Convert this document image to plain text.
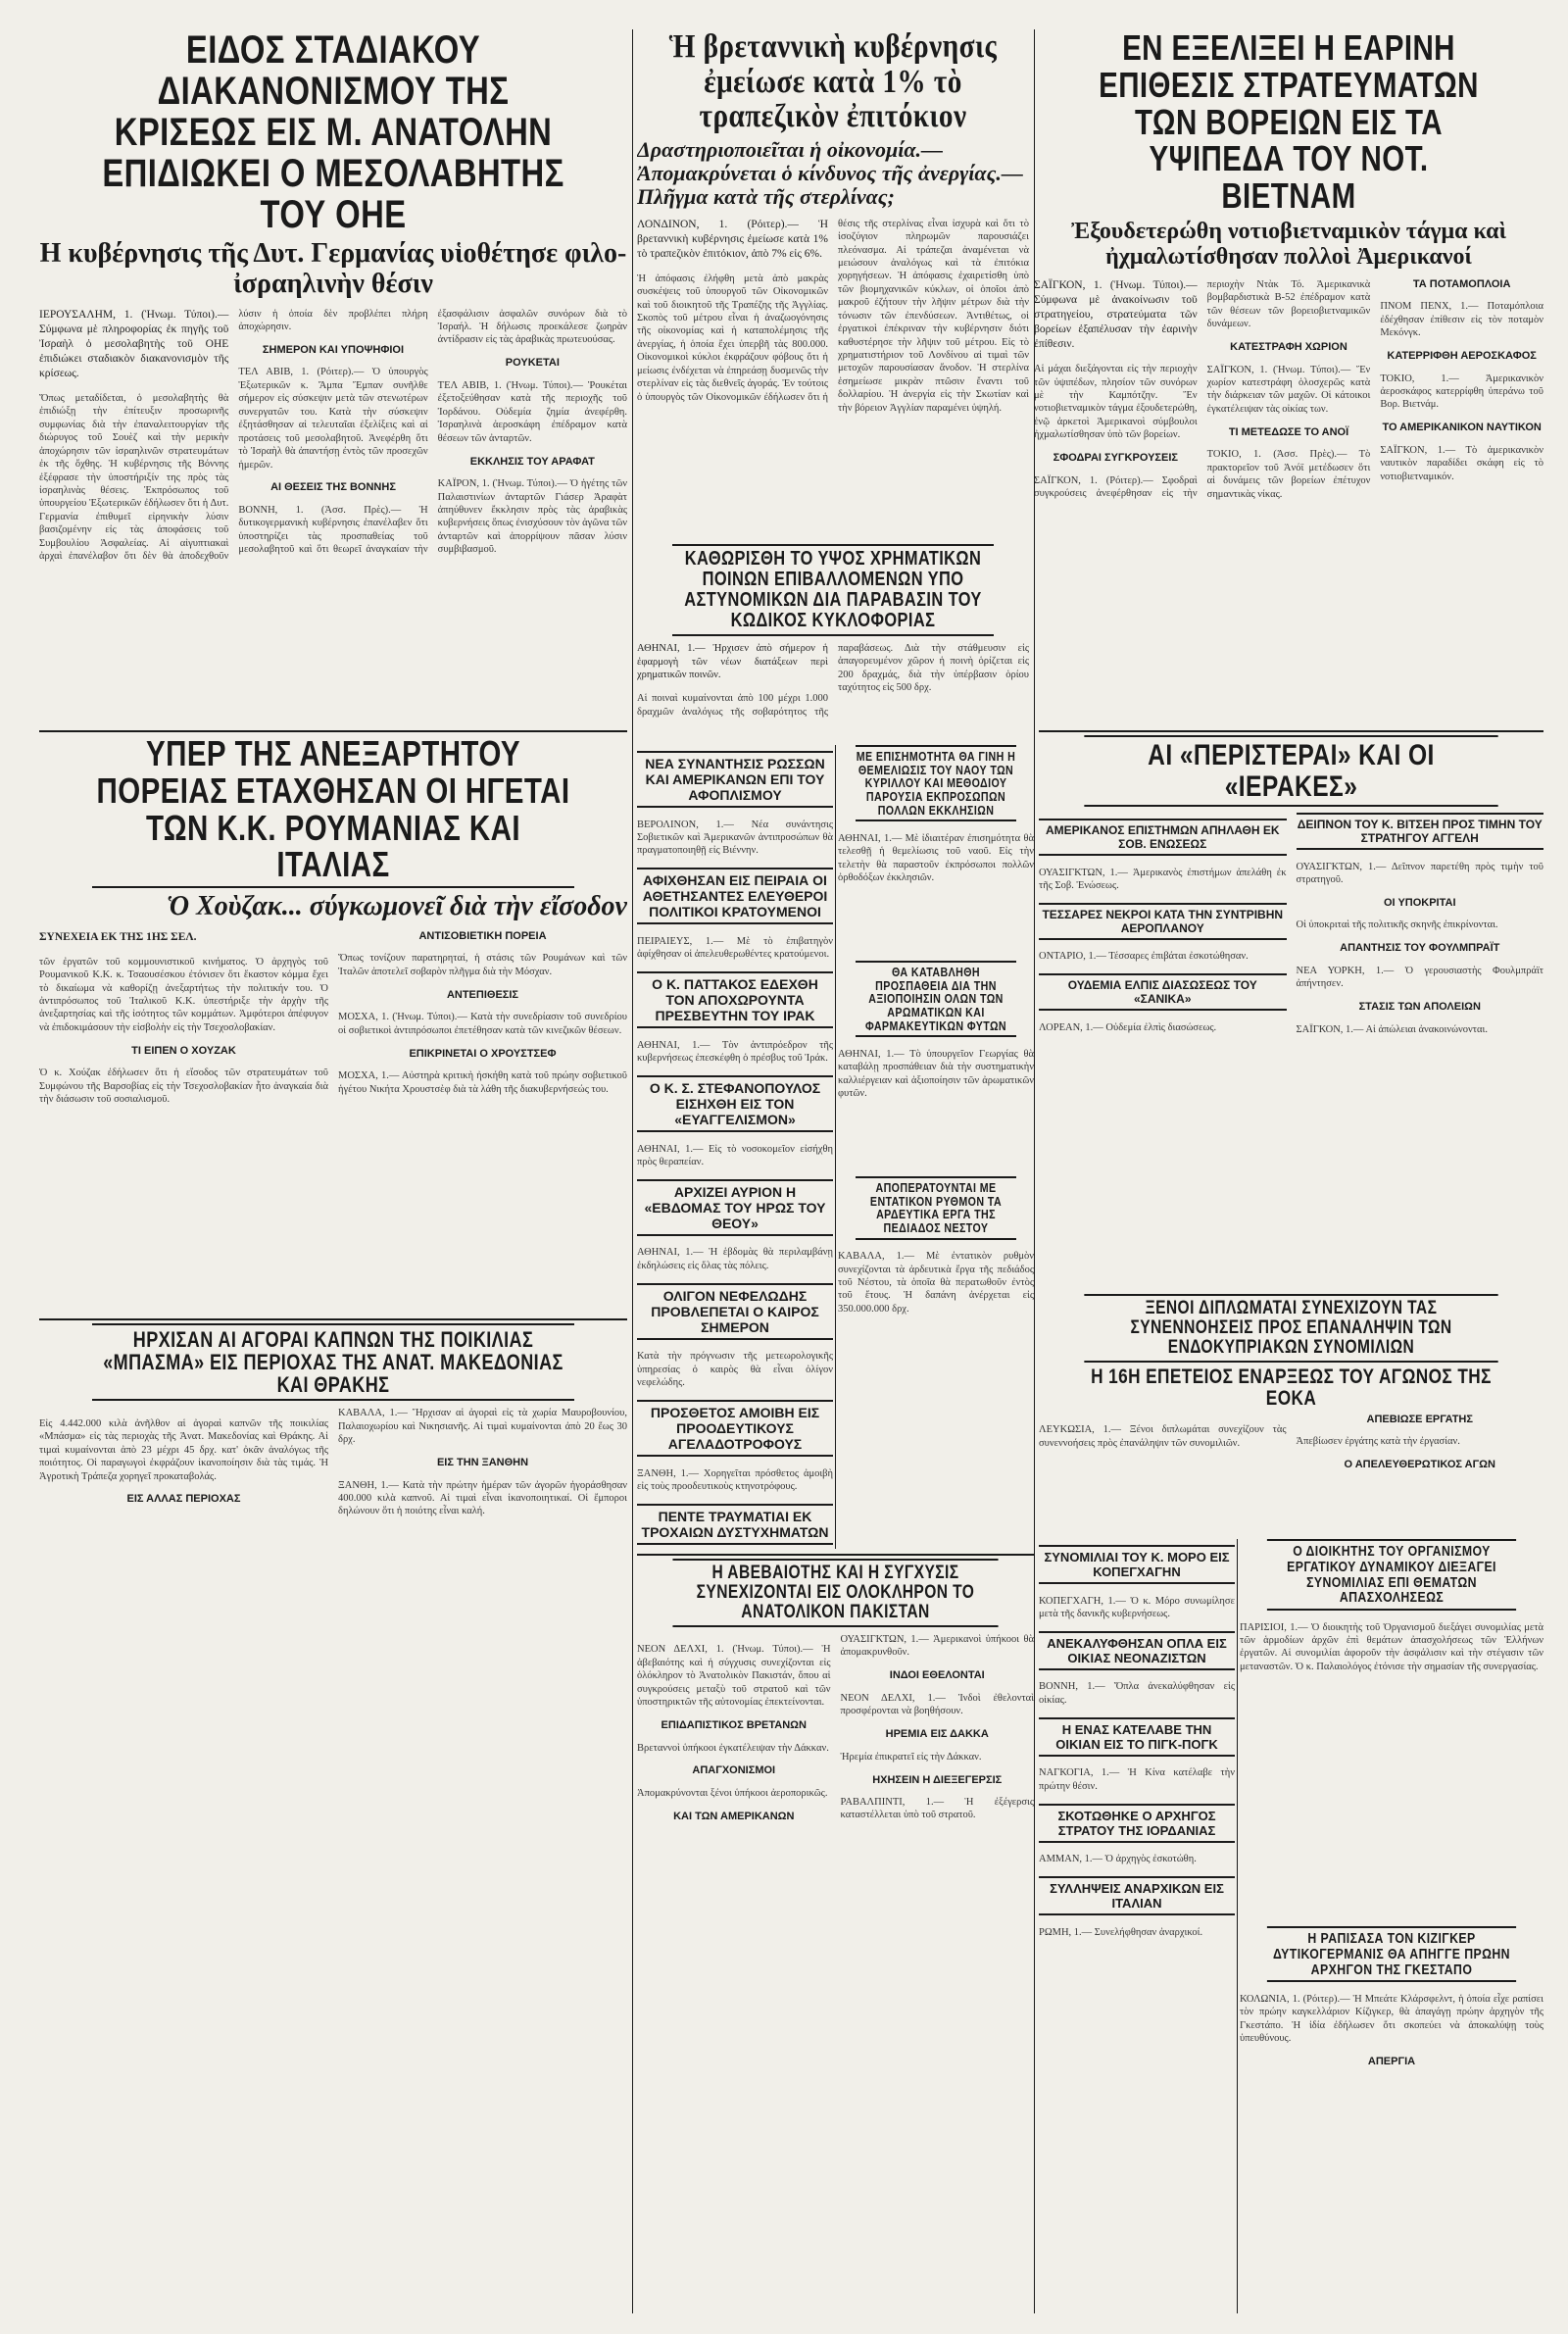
ΕΙΔΟΣ ΣΤΑΔΙΑΚΟΥ ΔΙΑΚΑΝΟΝΙΣΜΟΥ ΤΗΣ ΚΡΙΣΕΩΣ ΕΙΣ Μ. ΑΝΑΤΟΛΗΝ ΕΠΙΔΙΩΚΕΙ Ο ΜΕΣΟΛΑΒΗΤΗΣ ΤΟΥ ΟΗΕ
Η κυβέρνησις τῆς Δυτ. Γερμανίας υἱοθέτησε φιλο-ἰσραηλινὴν θέσιν

ΙΕΡΟΥΣΑΛΗΜ, 1. (Ἡνωμ. Τύποι).— Σύμφωνα μὲ πληροφορίας ἐκ πηγῆς τοῦ Ἰσραὴλ ὁ μεσολαβητὴς τοῦ ΟΗΕ ἐπιδιώκει σταδιακὸν διακανονισμὸν τῆς κρίσεως.

Ὅπως μεταδίδεται, ὁ μεσολαβητὴς θὰ ἐπιδιώξῃ τὴν ἐπίτευξιν προσωρινῆς συμφωνίας διὰ τὴν ἐπαναλειτουργίαν τῆς διώρυγος τοῦ Σουὲζ καὶ τὴν μερικὴν ἀποχώρησιν τῶν ἰσραηλινῶν στρατευμάτων ἐκ τῆς ὄχθης. Ἡ κυβέρνησις τῆς Βόννης ἐξέφρασε τὴν ὑποστήριξίν της πρὸς τὰς ἰσραηλινὰς θέσεις. Ἐκπρόσωπος τοῦ ὑπουργείου Ἐξωτερικῶν ἐδήλωσεν ὅτι ἡ Δυτ. Γερμανία ἐπιθυμεῖ εἰρηνικὴν λύσιν βασιζομένην εἰς τὰς ἀποφάσεις τοῦ Συμβουλίου Ἀσφαλείας. Αἱ αἰγυπτιακαὶ ἀρχαὶ ἐπανέλαβον ὅτι δὲν θὰ ἀποδεχθοῦν λύσιν ἡ ὁποία δὲν προβλέπει πλήρη ἀποχώρησιν.

ΣΗΜΕΡΟΝ ΚΑΙ ΥΠΟΨΗΦΙΟΙ

ΤΕΛ ΑΒΙΒ, 1. (Ρόιτερ).— Ὁ ὑπουργὸς Ἐξωτερικῶν κ. Ἄμπα Ἔμπαν συνῆλθε σήμερον εἰς σύσκεψιν μετὰ τῶν στενωτέρων συνεργατῶν του. Κατὰ τὴν σύσκεψιν ἐξητάσθησαν αἱ τελευταῖαι ἐξελίξεις καὶ αἱ προτάσεις τοῦ μεσολαβητοῦ. Ἀνεφέρθη ὅτι τὸ Ἰσραὴλ θὰ ἀπαντήσῃ ἐντὸς τῶν προσεχῶν ἡμερῶν.

ΑΙ ΘΕΣΕΙΣ ΤΗΣ ΒΟΝΝΗΣ

ΒΟΝΝΗ, 1. (Ἀσσ. Πρὲς).— Ἡ δυτικογερμανικὴ κυβέρνησις ἐπανέλαβεν ὅτι ὑποστηρίζει τὰς προσπαθείας τοῦ μεσολαβητοῦ καὶ ὅτι θεωρεῖ ἀναγκαίαν τὴν ἐξασφάλισιν ἀσφαλῶν συνόρων διὰ τὸ Ἰσραήλ. Ἡ δήλωσις προεκάλεσε ζωηρὰν ἀντίδρασιν εἰς τὰς ἀραβικὰς πρωτευούσας.

ΡΟΥΚΕΤΑΙ

ΤΕΛ ΑΒΙΒ, 1. (Ἡνωμ. Τύποι).— Ῥουκέται ἐξετοξεύθησαν κατὰ τῆς περιοχῆς τοῦ Ἰορδάνου. Οὐδεμία ζημία ἀνεφέρθη. Ἰσραηλινὰ ἀεροσκάφη ἐπέδραμον κατὰ θέσεων τῶν ἀνταρτῶν.

ΕΚΚΛΗΣΙΣ ΤΟΥ ΑΡΑΦΑΤ

ΚΑΪΡΟΝ, 1. (Ἡνωμ. Τύποι).— Ὁ ἡγέτης τῶν Παλαιστινίων ἀνταρτῶν Γιάσερ Ἀραφὰτ ἀπηύθυνεν ἔκκλησιν πρὸς τὰς ἀραβικὰς κυβερνήσεις ὅπως ἐνισχύσουν τὸν ἀγῶνα τῶν ἀνταρτῶν καὶ ἀπορρίψουν πᾶσαν λύσιν συμβιβασμοῦ.

Ἡ βρεταννικὴ κυβέρνησις ἐμείωσε κατὰ 1% τὸ τραπεζικὸν ἐπιτόκιον
Δραστηριοποιεῖται ἡ οἰκονομία.— Ἀπομακρύνεται ὁ κίνδυνος τῆς ἀνεργίας.— Πλῆγμα κατὰ τῆς στερλίνας;

ΛΟΝΔΙΝΟΝ, 1. (Ρόιτερ).— Ἡ βρεταννικὴ κυβέρνησις ἐμείωσε κατὰ 1% τὸ τραπεζικὸν ἐπιτόκιον, ἀπὸ 7% εἰς 6%.

Ἡ ἀπόφασις ἐλήφθη μετὰ ἀπὸ μακρὰς συσκέψεις τοῦ ὑπουργοῦ τῶν Οἰκονομικῶν καὶ τοῦ διοικητοῦ τῆς Τραπέζης τῆς Ἀγγλίας. Σκοπὸς τοῦ μέτρου εἶναι ἡ ἀναζωογόνησις τῆς οἰκονομίας καὶ ἡ καταπολέμησις τῆς ἀνεργίας, ἡ ὁποία ἔχει ὑπερβῆ τὰς 800.000. Οἰκονομικοὶ κύκλοι ἐκφράζουν φόβους ὅτι ἡ μείωσις ἐνδέχεται νὰ ἐπηρεάσῃ δυσμενῶς τὴν στερλίναν εἰς τὰς διεθνεῖς ἀγοράς. Ἐν τούτοις ὁ ὑπουργὸς τῶν Οἰκονομικῶν ἐδήλωσεν ὅτι ἡ θέσις τῆς στερλίνας εἶναι ἰσχυρὰ καὶ ὅτι τὸ ἰσοζύγιον πληρωμῶν παρουσιάζει πλεόνασμα. Αἱ τράπεζαι ἀναμένεται νὰ μειώσουν ἀναλόγως καὶ τὰ ἐπιτόκια χορηγήσεων. Ἡ ἀπόφασις ἐχαιρετίσθη ὑπὸ τῶν βιομηχανικῶν κύκλων, οἱ ὁποῖοι ἀπὸ μακροῦ ἐζήτουν τὴν λῆψιν μέτρων διὰ τὴν τόνωσιν τῶν ἐπενδύσεων. Ἀντιθέτως, οἱ ἐργατικοὶ ἐπέκριναν τὴν κυβέρνησιν διότι καθυστέρησε τὴν λῆψιν τοῦ μέτρου. Εἰς τὸ χρηματιστήριον τοῦ Λονδίνου αἱ τιμαὶ τῶν μετοχῶν παρουσίασαν ἄνοδον. Ἡ στερλίνα ἐσημείωσε μικρὰν πτῶσιν ἔναντι τοῦ δολλαρίου. Ἡ ἀνεργία εἰς τὴν Σκωτίαν καὶ τὴν βόρειον Ἀγγλίαν παραμένει ὑψηλή.

ΕΝ ΕΞΕΛΙΞΕΙ Η ΕΑΡΙΝΗ ΕΠΙΘΕΣΙΣ ΣΤΡΑΤΕΥΜΑΤΩΝ ΤΩΝ ΒΟΡΕΙΩΝ ΕΙΣ ΤΑ ΥΨΙΠΕΔΑ ΤΟΥ ΝΟΤ. ΒΙΕΤΝΑΜ
Ἐξουδετερώθη νοτιοβιετναμικὸν τάγμα καὶ ἠχμαλωτίσθησαν πολλοὶ Ἀμερικανοί

ΣΑΪΓΚΟΝ, 1. (Ἡνωμ. Τύποι).— Σύμφωνα μὲ ἀνακοίνωσιν τοῦ στρατηγείου, στρατεύματα τῶν βορείων ἐξαπέλυσαν τὴν ἐαρινὴν ἐπίθεσιν.

Αἱ μάχαι διεξάγονται εἰς τὴν περιοχὴν τῶν ὑψιπέδων, πλησίον τῶν συνόρων μὲ τὴν Καμπότζην. Ἕν νοτιοβιετναμικὸν τάγμα ἐξουδετερώθη, ἐνῷ ἀρκετοὶ Ἀμερικανοὶ σύμβουλοι ἠχμαλωτίσθησαν ὑπὸ τῶν βορείων.

ΣΦΟΔΡΑΙ ΣΥΓΚΡΟΥΣΕΙΣ

ΣΑΪΓΚΟΝ, 1. (Ρόιτερ).— Σφοδραὶ συγκρούσεις ἀνεφέρθησαν εἰς τὴν περιοχὴν Ντὰκ Τό. Ἀμερικανικὰ βομβαρδιστικὰ Β-52 ἐπέδραμον κατὰ τῶν θέσεων τῶν βορειοβιετναμικῶν δυνάμεων.

ΚΑΤΕΣΤΡΑΦΗ ΧΩΡΙΟΝ

ΣΑΪΓΚΟΝ, 1. (Ἡνωμ. Τύποι).— Ἕν χωρίον κατεστράφη ὁλοσχερῶς κατὰ τὴν διάρκειαν τῶν μαχῶν. Οἱ κάτοικοι ἐγκατέλειψαν τὰς οἰκίας των.

ΤΙ ΜΕΤΕΔΩΣΕ ΤΟ ΑΝΟΪ

ΤΟΚΙΟ, 1. (Ἀσσ. Πρὲς).— Τὸ πρακτορεῖον τοῦ Ἀνόϊ μετέδωσεν ὅτι αἱ δυνάμεις τῶν βορείων ἐπέτυχον σημαντικὰς νίκας.

ΤΑ ΠΟΤΑΜΟΠΛΟΙΑ

ΠΝΟΜ ΠΕΝΧ, 1.— Ποταμόπλοια ἐδέχθησαν ἐπίθεσιν εἰς τὸν ποταμὸν Μεκόνγκ.

ΚΑΤΕΡΡΙΦΘΗ ΑΕΡΟΣΚΑΦΟΣ

ΤΟΚΙΟ, 1.— Ἀμερικανικὸν ἀεροσκάφος κατερρίφθη ὑπεράνω τοῦ Βορ. Βιετνάμ.

ΤΟ ΑΜΕΡΙΚΑΝΙΚΟΝ ΝΑΥΤΙΚΟΝ

ΣΑΪΓΚΟΝ, 1.— Τὸ ἀμερικανικὸν ναυτικὸν παραδίδει σκάφη εἰς τὸ νοτιοβιετναμικόν.

ΚΑΘΩΡΙΣΘΗ ΤΟ ΥΨΟΣ ΧΡΗΜΑΤΙΚΩΝ ΠΟΙΝΩΝ ΕΠΙΒΑΛΛΟΜΕΝΩΝ ΥΠΟ ΑΣΤΥΝΟΜΙΚΩΝ ΔΙΑ ΠΑΡΑΒΑΣΙΝ ΤΟΥ ΚΩΔΙΚΟΣ ΚΥΚΛΟΦΟΡΙΑΣ

ΑΘΗΝΑΙ, 1.— Ἠρχισεν ἀπὸ σήμερον ἡ ἐφαρμογὴ τῶν νέων διατάξεων περὶ χρηματικῶν ποινῶν.

Αἱ ποιναὶ κυμαίνονται ἀπὸ 100 μέχρι 1.000 δραχμῶν ἀναλόγως τῆς σοβαρότητος τῆς παραβάσεως. Διὰ τὴν στάθμευσιν εἰς ἀπαγορευμένον χῶρον ἡ ποινὴ ὁρίζεται εἰς 200 δραχμάς, διὰ τὴν ὑπέρβασιν ὁρίου ταχύτητος εἰς 500 δρχ.

ΥΠΕΡ ΤΗΣ ΑΝΕΞΑΡΤΗΤΟΥ ΠΟΡΕΙΑΣ ΕΤΑΧΘΗΣΑΝ ΟΙ ΗΓΕΤΑΙ ΤΩΝ Κ.Κ. ΡΟΥΜΑΝΙΑΣ ΚΑΙ ΙΤΑΛΙΑΣ
Ὁ Χοὺζακ... σύγκωμονεῖ διὰ τὴν εἴσοδον

ΣΥΝΕΧΕΙΑ ΕΚ ΤΗΣ 1ΗΣ ΣΕΛ.

τῶν ἐργατῶν τοῦ κομμουνιστικοῦ κινήματος. Ὁ ἀρχηγὸς τοῦ Ρουμανικοῦ Κ.Κ. κ. Τσαουσέσκου ἐτόνισεν ὅτι ἕκαστον κόμμα ἔχει τὸ δικαίωμα νὰ καθορίζῃ ἀνεξαρτήτως τὴν πολιτικήν του. Ὁ ἀντιπρόσωπος τοῦ Ἰταλικοῦ Κ.Κ. ὑπεστήριξε τὴν ἀρχὴν τῆς ἀνεξαρτησίας καὶ τῆς ἰσότητος τῶν κομμάτων. Ἀμφότεροι ἀπέφυγον νὰ ἐπιδοκιμάσουν τὴν εἰσβολὴν εἰς τὴν Τσεχοσλοβακίαν.

ΤΙ ΕΙΠΕΝ Ο ΧΟΥΖΑΚ

Ὁ κ. Χούζακ ἐδήλωσεν ὅτι ἡ εἴσοδος τῶν στρατευμάτων τοῦ Συμφώνου τῆς Βαρσοβίας εἰς τὴν Τσεχοσλοβακίαν ἦτο ἀναγκαία διὰ τὴν διάσωσιν τοῦ σοσιαλισμοῦ.

ΑΝΤΙΣΟΒΙΕΤΙΚΗ ΠΟΡΕΙΑ

Ὅπως τονίζουν παρατηρηταί, ἡ στάσις τῶν Ρουμάνων καὶ τῶν Ἰταλῶν ἀποτελεῖ σοβαρὸν πλῆγμα διὰ τὴν Μόσχαν.

ΑΝΤΕΠΙΘΕΣΙΣ

ΜΟΣΧΑ, 1. (Ἡνωμ. Τύποι).— Κατὰ τὴν συνεδρίασιν τοῦ συνεδρίου οἱ σοβιετικοὶ ἀντιπρόσωποι ἐπετέθησαν κατὰ τῶν κινεζικῶν θέσεων.

ΕΠΙΚΡΙΝΕΤΑΙ Ο ΧΡΟΥΣΤΣΕΦ

ΜΟΣΧΑ, 1.— Αὐστηρὰ κριτικὴ ἠσκήθη κατὰ τοῦ πρώην σοβιετικοῦ ἡγέτου Νικήτα Χρουστσὲφ διὰ τὰ λάθη τῆς διακυβερνήσεώς του.

ΝΕΑ ΣΥΝΑΝΤΗΣΙΣ ΡΩΣΣΩΝ ΚΑΙ ΑΜΕΡΙΚΑΝΩΝ ΕΠΙ ΤΟΥ ΑΦΟΠΛΙΣΜΟΥ

ΒΕΡΟΛΙΝΟΝ, 1.— Νέα συνάντησις Σοβιετικῶν καὶ Ἀμερικανῶν ἀντιπροσώπων θὰ πραγματοποιηθῇ εἰς Βιέννην.

ΑΦΙΧΘΗΣΑΝ ΕΙΣ ΠΕΙΡΑΙΑ ΟΙ ΑΘΕΤΗΣΑΝΤΕΣ ΕΛΕΥΘΕΡΟΙ ΠΟΛΙΤΙΚΟΙ ΚΡΑΤΟΥΜΕΝΟΙ

ΠΕΙΡΑΙΕΥΣ, 1.— Μὲ τὸ ἐπιβατηγὸν ἀφίχθησαν οἱ ἀπελευθερωθέντες κρατούμενοι.

Ο Κ. ΠΑΤΤΑΚΟΣ ΕΔΕΧΘΗ ΤΟΝ ΑΠΟΧΩΡΟΥΝΤΑ ΠΡΕΣΒΕΥΤΗΝ ΤΟΥ ΙΡΑΚ

ΑΘΗΝΑΙ, 1.— Τὸν ἀντιπρόεδρον τῆς κυβερνήσεως ἐπεσκέφθη ὁ πρέσβυς τοῦ Ἰράκ.

Ο Κ. Σ. ΣΤΕΦΑΝΟΠΟΥΛΟΣ ΕΙΣΗΧΘΗ ΕΙΣ ΤΟΝ «ΕΥΑΓΓΕΛΙΣΜΟΝ»

ΑΘΗΝΑΙ, 1.— Εἰς τὸ νοσοκομεῖον εἰσήχθη πρὸς θεραπείαν.

ΑΡΧΙΖΕΙ ΑΥΡΙΟΝ Η «ΕΒΔΟΜΑΣ ΤΟΥ ΗΡΩΣ ΤΟΥ ΘΕΟΥ»

ΑΘΗΝΑΙ, 1.— Ἡ ἑβδομὰς θὰ περιλαμβάνῃ ἐκδηλώσεις εἰς ὅλας τὰς πόλεις.

ΟΛΙΓΟΝ ΝΕΦΕΛΩΔΗΣ ΠΡΟΒΛΕΠΕΤΑΙ Ο ΚΑΙΡΟΣ ΣΗΜΕΡΟΝ

Κατὰ τὴν πρόγνωσιν τῆς μετεωρολογικῆς ὑπηρεσίας ὁ καιρὸς θὰ εἶναι ὀλίγον νεφελώδης.

ΠΡΟΣΘΕΤΟΣ ΑΜΟΙΒΗ ΕΙΣ ΠΡΟΟΔΕΥΤΙΚΟΥΣ ΑΓΕΛΑΔΟΤΡΟΦΟΥΣ

ΞΑΝΘΗ, 1.— Χορηγεῖται πρόσθετος ἀμοιβὴ εἰς τοὺς προοδευτικοὺς κτηνοτρόφους.

ΠΕΝΤΕ ΤΡΑΥΜΑΤΙΑΙ ΕΚ ΤΡΟΧΑΙΩΝ ΔΥΣΤΥΧΗΜΑΤΩΝ

ΜΕ ΕΠΙΣΗΜΟΤΗΤΑ ΘΑ ΓΙΝΗ Η ΘΕΜΕΛΙΩΣΙΣ ΤΟΥ ΝΑΟΥ ΤΩΝ ΚΥΡΙΛΛΟΥ ΚΑΙ ΜΕΘΟΔΙΟΥ ΠΑΡΟΥΣΙΑ ΕΚΠΡΟΣΩΠΩΝ ΠΟΛΛΩΝ ΕΚΚΛΗΣΙΩΝ

ΑΘΗΝΑΙ, 1.— Μὲ ἰδιαιτέραν ἐπισημότητα θὰ τελεσθῇ ἡ θεμελίωσις τοῦ ναοῦ. Εἰς τὴν τελετὴν θὰ παραστοῦν ἐκπρόσωποι πολλῶν ὀρθοδόξων ἐκκλησιῶν.

ΘΑ ΚΑΤΑΒΛΗΘΗ ΠΡΟΣΠΑΘΕΙΑ ΔΙΑ ΤΗΝ ΑΞΙΟΠΟΙΗΣΙΝ ΟΛΩΝ ΤΩΝ ΑΡΩΜΑΤΙΚΩΝ ΚΑΙ ΦΑΡΜΑΚΕΥΤΙΚΩΝ ΦΥΤΩΝ

ΑΘΗΝΑΙ, 1.— Τὸ ὑπουργεῖον Γεωργίας θὰ καταβάλῃ προσπάθειαν διὰ τὴν συστηματικὴν καλλιέργειαν καὶ ἀξιοποίησιν τῶν ἀρωματικῶν φυτῶν.

ΑΠΟΠΕΡΑΤΟΥΝΤΑΙ ΜΕ ΕΝΤΑΤΙΚΟΝ ΡΥΘΜΟΝ ΤΑ ΑΡΔΕΥΤΙΚΑ ΕΡΓΑ ΤΗΣ ΠΕΔΙΑΔΟΣ ΝΕΣΤΟΥ

ΚΑΒΑΛΑ, 1.— Μὲ ἐντατικὸν ρυθμὸν συνεχίζονται τὰ ἀρδευτικὰ ἔργα τῆς πεδιάδος τοῦ Νέστου, τὰ ὁποῖα θὰ περατωθοῦν ἐντὸς τοῦ ἔτους. Ἡ δαπάνη ἀνέρχεται εἰς 350.000.000 δρχ.

Η ΑΒΕΒΑΙΟΤΗΣ ΚΑΙ Η ΣΥΓΧΥΣΙΣ ΣΥΝΕΧΙΖΟΝΤΑΙ ΕΙΣ ΟΛΟΚΛΗΡΟΝ ΤΟ ΑΝΑΤΟΛΙΚΟΝ ΠΑΚΙΣΤΑΝ

ΝΕΟΝ ΔΕΛΧΙ, 1. (Ἡνωμ. Τύποι).— Ἡ ἀβεβαιότης καὶ ἡ σύγχυσις συνεχίζονται εἰς ὁλόκληρον τὸ Ἀνατολικὸν Πακιστάν, ὅπου αἱ συγκρούσεις μεταξὺ τοῦ στρατοῦ καὶ τῶν ὑποστηρικτῶν τῆς αὐτονομίας ἐπεκτείνονται.

ΕΠΙΔΑΠΙΣΤΙΚΟΣ ΒΡΕΤΑΝΩΝ

Βρεταννοὶ ὑπήκοοι ἐγκατέλειψαν τὴν Δάκκαν.

ΑΠΑΓΧΟΝΙΣΜΟΙ

Ἀπομακρύνονται ξένοι ὑπήκοοι ἀεροπορικῶς.

ΚΑΙ ΤΩΝ ΑΜΕΡΙΚΑΝΩΝ

ΟΥΑΣΙΓΚΤΩΝ, 1.— Ἀμερικανοὶ ὑπήκοοι θὰ ἀπομακρυνθοῦν.

ΙΝΔΟΙ ΕΘΕΛΟΝΤΑΙ

ΝΕΟΝ ΔΕΛΧΙ, 1.— Ἰνδοὶ ἐθελονταὶ προσφέρονται νὰ βοηθήσουν.

ΗΡΕΜΙΑ ΕΙΣ ΔΑΚΚΑ

Ἡρεμία ἐπικρατεῖ εἰς τὴν Δάκκαν.

ΗΧΗΣΕΙΝ Η ΔΙΕΞΕΓΕΡΣΙΣ

ΡΑΒΑΛΠΙΝΤΙ, 1.— Ἡ ἐξέγερσις καταστέλλεται ὑπὸ τοῦ στρατοῦ.

ΗΡΧΙΣΑΝ ΑΙ ΑΓΟΡΑΙ ΚΑΠΝΩΝ ΤΗΣ ΠΟΙΚΙΛΙΑΣ «ΜΠΑΣΜΑ» ΕΙΣ ΠΕΡΙΟΧΑΣ ΤΗΣ ΑΝΑΤ. ΜΑΚΕΔΟΝΙΑΣ ΚΑΙ ΘΡΑΚΗΣ

Εἰς 4.442.000 κιλὰ ἀνῆλθον αἱ ἀγοραὶ καπνῶν τῆς ποικιλίας «Μπάσμα» εἰς τὰς περιοχὰς τῆς Ἀνατ. Μακεδονίας καὶ Θράκης. Αἱ τιμαὶ κυμαίνονται ἀπὸ 23 μέχρι 45 δρχ. κατ' ὀκᾶν ἀναλόγως τῆς ποιότητος. Οἱ παραγωγοὶ ἐκφράζουν ἱκανοποίησιν διὰ τὰς τιμάς. Ἡ Ἀγροτικὴ Τράπεζα χορηγεῖ προκαταβολάς.

ΕΙΣ ΑΛΛΑΣ ΠΕΡΙΟΧΑΣ

ΚΑΒΑΛΑ, 1.— Ἤρχισαν αἱ ἀγοραὶ εἰς τὰ χωρία Μαυροβουνίου, Παλαιοχωρίου καὶ Νικησιανῆς. Αἱ τιμαὶ κυμαίνονται ἀπὸ 20 ἕως 30 δρχ.

ΕΙΣ ΤΗΝ ΞΑΝΘΗΝ

ΞΑΝΘΗ, 1.— Κατὰ τὴν πρώτην ἡμέραν τῶν ἀγορῶν ἠγοράσθησαν 400.000 κιλὰ καπνοῦ. Αἱ τιμαὶ εἶναι ἱκανοποιητικαί. Οἱ ἔμποροι δηλώνουν ὅτι ἡ ποιότης εἶναι καλή.

ΑΙ «ΠΕΡΙΣΤΕΡΑΙ» ΚΑΙ ΟΙ «ΙΕΡΑΚΕΣ»
ΑΜΕΡΙΚΑΝΟΣ ΕΠΙΣΤΗΜΩΝ ΑΠΗΛΑΘΗ ΕΚ ΣΟΒ. ΕΝΩΣΕΩΣ

ΟΥΑΣΙΓΚΤΩΝ, 1.— Ἀμερικανὸς ἐπιστήμων ἀπελάθη ἐκ τῆς Σοβ. Ἑνώσεως.

ΤΕΣΣΑΡΕΣ ΝΕΚΡΟΙ ΚΑΤΑ ΤΗΝ ΣΥΝΤΡΙΒΗΝ ΑΕΡΟΠΛΑΝΟΥ

ΟΝΤΑΡΙΟ, 1.— Τέσσαρες ἐπιβάται ἐσκοτώθησαν.

ΟΥΔΕΜΙΑ ΕΛΠΙΣ ΔΙΑΣΩΣΕΩΣ ΤΟΥ «ΣΑΝΙΚΑ»

ΛΟΡΕΑΝ, 1.— Οὐδεμία ἐλπὶς διασώσεως.

ΔΕΙΠΝΟΝ ΤΟΥ Κ. ΒΙΤΣΕΗ ΠΡΟΣ ΤΙΜΗΝ ΤΟΥ ΣΤΡΑΤΗΓΟΥ ΑΓΓΕΛΗ

ΟΥΑΣΙΓΚΤΩΝ, 1.— Δεῖπνον παρετέθη πρὸς τιμὴν τοῦ στρατηγοῦ.

ΟΙ ΥΠΟΚΡΙΤΑΙ

Οἱ ὑποκριταὶ τῆς πολιτικῆς σκηνῆς ἐπικρίνονται.

ΑΠΑΝΤΗΣΙΣ ΤΟΥ ΦΟΥΛΜΠΡΑΪΤ

ΝΕΑ ΥΟΡΚΗ, 1.— Ὁ γερουσιαστὴς Φουλμπράϊτ ἀπήντησεν.

ΣΤΑΣΙΣ ΤΩΝ ΑΠΟΛΕΙΩΝ

ΣΑΪΓΚΟΝ, 1.— Αἱ ἀπώλειαι ἀνακοινώνονται.

ΞΕΝΟΙ ΔΙΠΛΩΜΑΤΑΙ ΣΥΝΕΧΙΖΟΥΝ ΤΑΣ ΣΥΝΕΝΝΟΗΣΕΙΣ ΠΡΟΣ ΕΠΑΝΑΛΗΨΙΝ ΤΩΝ ΕΝΔΟΚΥΠΡΙΑΚΩΝ ΣΥΝΟΜΙΛΙΩΝ
Η 16Η ΕΠΕΤΕΙΟΣ ΕΝΑΡΞΕΩΣ ΤΟΥ ΑΓΩΝΟΣ ΤΗΣ ΕΟΚΑ

ΛΕΥΚΩΣΙΑ, 1.— Ξένοι διπλωμάται συνεχίζουν τὰς συνεννοήσεις πρὸς ἐπανάληψιν τῶν συνομιλιῶν.

ΑΠΕΒΙΩΣΕ ΕΡΓΑΤΗΣ

Ἀπεβίωσεν ἐργάτης κατὰ τὴν ἐργασίαν.

Ο ΑΠΕΛΕΥΘΕΡΩΤΙΚΟΣ ΑΓΩΝ
ΣΥΝΟΜΙΛΙΑΙ ΤΟΥ Κ. ΜΟΡΟ ΕΙΣ ΚΟΠΕΓΧΑΓΗΝ

ΚΟΠΕΓΧΑΓΗ, 1.— Ὁ κ. Μόρο συνωμίλησε μετὰ τῆς δανικῆς κυβερνήσεως.

ΑΝΕΚΑΛΥΦΘΗΣΑΝ ΟΠΛΑ ΕΙΣ ΟΙΚΙΑΣ ΝΕΟΝΑΖΙΣΤΩΝ

ΒΟΝΝΗ, 1.— Ὅπλα ἀνεκαλύφθησαν εἰς οἰκίας.

Η ΕΝΑΣ ΚΑΤΕΛΑΒΕ ΤΗΝ ΟΙΚΙΑΝ ΕΙΣ ΤΟ ΠΙΓΚ-ΠΟΓΚ

ΝΑΓΚΟΓΙΑ, 1.— Ἡ Κίνα κατέλαβε τὴν πρώτην θέσιν.

ΣΚΟΤΩΘΗΚΕ Ο ΑΡΧΗΓΟΣ ΣΤΡΑΤΟΥ ΤΗΣ ΙΟΡΔΑΝΙΑΣ

ΑΜΜΑΝ, 1.— Ὁ ἀρχηγὸς ἐσκοτώθη.

ΣΥΛΛΗΨΕΙΣ ΑΝΑΡΧΙΚΩΝ ΕΙΣ ΙΤΑΛΙΑΝ

ΡΩΜΗ, 1.— Συνελήφθησαν ἀναρχικοί.

Ο ΔΙΟΙΚΗΤΗΣ ΤΟΥ ΟΡΓΑΝΙΣΜΟΥ ΕΡΓΑΤΙΚΟΥ ΔΥΝΑΜΙΚΟΥ ΔΙΕΞΑΓΕΙ ΣΥΝΟΜΙΛΙΑΣ ΕΠΙ ΘΕΜΑΤΩΝ ΑΠΑΣΧΟΛΗΣΕΩΣ

ΠΑΡΙΣΙΟΙ, 1.— Ὁ διοικητὴς τοῦ Ὀργανισμοῦ διεξάγει συνομιλίας μετὰ τῶν ἁρμοδίων ἀρχῶν ἐπὶ θεμάτων ἀπασχολήσεως τῶν Ἑλλήνων ἐργατῶν. Αἱ συνομιλίαι ἀφοροῦν τὴν ἀσφάλισιν καὶ τὴν στέγασιν τῶν μεταναστῶν. Ὁ κ. Παλαιολόγος ἐτόνισε τὴν σημασίαν τῆς συνεργασίας.

Η ΡΑΠΙΣΑΣΑ ΤΟΝ ΚΙΖΙΓΚΕΡ ΔΥΤΙΚΟΓΕΡΜΑΝΙΣ ΘΑ ΑΠΗΓΓΕ ΠΡΩΗΝ ΑΡΧΗΓΟΝ ΤΗΣ ΓΚΕΣΤΑΠΟ

ΚΟΛΩΝΙΑ, 1. (Ρόιτερ).— Ἡ Μπεάτε Κλάρσφελντ, ἡ ὁποία εἶχε ραπίσει τὸν πρώην καγκελλάριον Κίζιγκερ, θὰ ἀπαγάγῃ πρώην ἀρχηγὸν τῆς Γκεστάπο. Ἡ ἰδία ἐδήλωσεν ὅτι σκοπεύει νὰ ἀποκαλύψῃ τοὺς ὑπευθύνους.

ΑΠΕΡΓΙΑ
